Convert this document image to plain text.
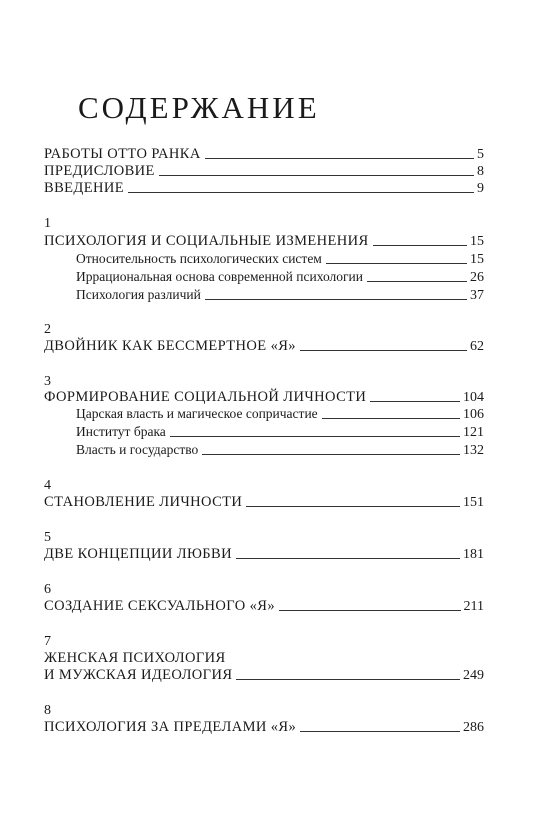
СОДЕРЖАНИЕ
РАБОТЫ ОТТО РАНКА	5
ПРЕДИСЛОВИЕ	8
ВВЕДЕНИЕ	9
1
ПСИХОЛОГИЯ И СОЦИАЛЬНЫЕ ИЗМЕНЕНИЯ	15
Относительность психологических систем	15
Иррациональная основа современной психологии	26
Психология различий	37
2
ДВОЙНИК КАК БЕССМЕРТНОЕ «Я»	62
3
ФОРМИРОВАНИЕ СОЦИАЛЬНОЙ ЛИЧНОСТИ	104
Царская власть и магическое сопричастие	106
Институт брака	121
Власть и государство	132
4
СТАНОВЛЕНИЕ ЛИЧНОСТИ	151
5
ДВЕ КОНЦЕПЦИИ ЛЮБВИ	181
6
СОЗДАНИЕ СЕКСУАЛЬНОГО «Я»	211
7
ЖЕНСКАЯ ПСИХОЛОГИЯ
И МУЖСКАЯ ИДЕОЛОГИЯ	249
8
ПСИХОЛОГИЯ ЗА ПРЕДЕЛАМИ «Я»	286
